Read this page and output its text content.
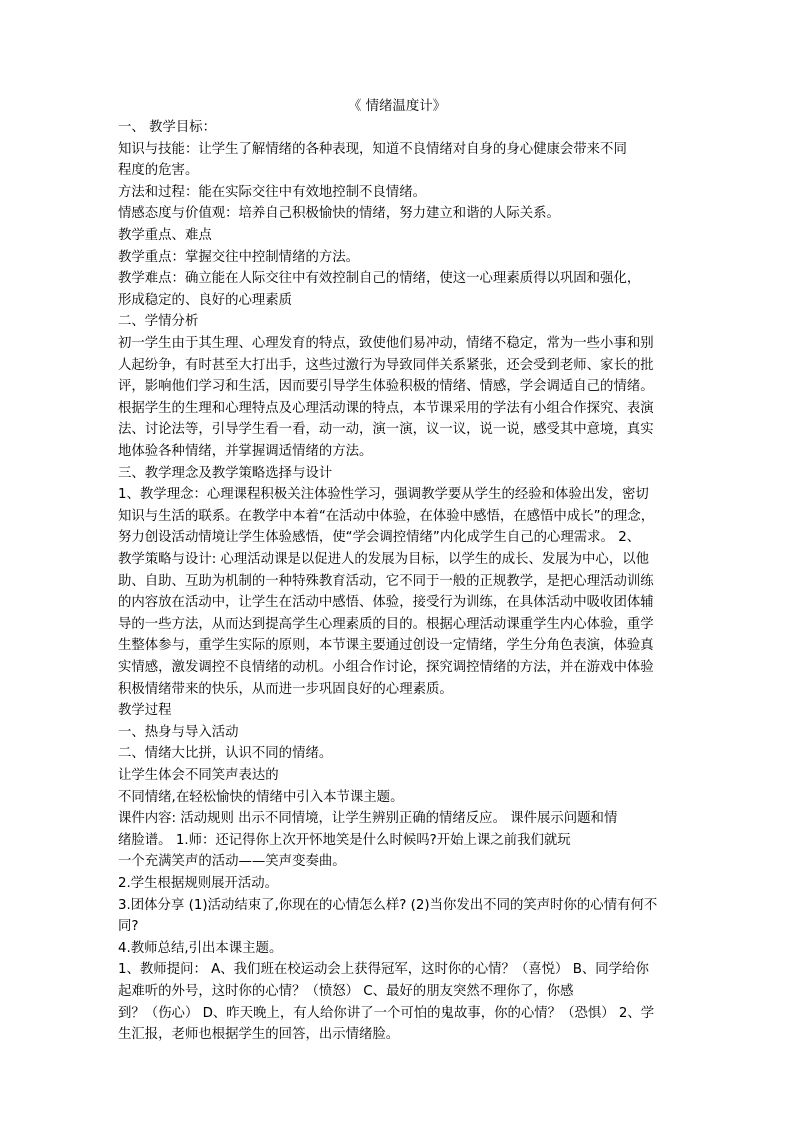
《 情绪温度计》
一、 教学目标：
知识与技能：让学生了解情绪的各种表现，知道不良情绪对自身的身心健康会带来不同
程度的危害。
方法和过程：能在实际交往中有效地控制不良情绪。
情感态度与价值观：培养自己积极愉快的情绪，努力建立和谐的人际关系。
教学重点、难点
教学重点：掌握交往中控制情绪的方法。
教学难点：确立能在人际交往中有效控制自己的情绪，使这一心理素质得以巩固和强化，
形成稳定的、良好的心理素质
二、学情分析
初一学生由于其生理、心理发育的特点，致使他们易冲动，情绪不稳定，常为一些小事和别
人起纷争，有时甚至大打出手，这些过激行为导致同伴关系紧张，还会受到老师、家长的批
评，影响他们学习和生活，因而要引导学生体验积极的情绪、情感，学会调适自己的情绪。
根据学生的生理和心理特点及心理活动课的特点，本节课采用的学法有小组合作探究、表演
法、讨论法等，引导学生看一看，动一动，演一演，议一议，说一说，感受其中意境，真实
地体验各种情绪，并掌握调适情绪的方法。
三、教学理念及教学策略选择与设计
1、教学理念：心理课程积极关注体验性学习，强调教学要从学生的经验和体验出发，密切
知识与生活的联系。在教学中本着“在活动中体验，在体验中感悟，在感悟中成长”的理念，
努力创设活动情境让学生体验感悟，使“学会调控情绪”内化成学生自己的心理需求。 2、
教学策略与设计: 心理活动课是以促进人的发展为目标，以学生的成长、发展为中心，以他
助、自助、互助为机制的一种特殊教育活动，它不同于一般的正规教学，是把心理活动训练
的内容放在活动中，让学生在活动中感悟、体验，接受行为训练，在具体活动中吸收团体辅
导的一些方法，从而达到提高学生心理素质的目的。根据心理活动课重学生内心体验，重学
生整体参与，重学生实际的原则，本节课主要通过创设一定情绪，学生分角色表演，体验真
实情感，激发调控不良情绪的动机。小组合作讨论，探究调控情绪的方法，并在游戏中体验
积极情绪带来的快乐，从而进一步巩固良好的心理素质。
教学过程
一、热身与导入活动
二、情绪大比拼，认识不同的情绪。
让学生体会不同笑声表达的
不同情绪,在轻松愉快的情绪中引入本节课主题。
课件内容: 活动规则 出示不同情境，让学生辨别正确的情绪反应。 课件展示问题和情
绪脸谱。 1.师：还记得你上次开怀地笑是什么时候吗?开始上课之前我们就玩
一个充满笑声的活动——笑声变奏曲。
2.学生根据规则展开活动。
3.团体分享 (1)活动结束了,你现在的心情怎么样? (2)当你发出不同的笑声时你的心情有何不
同?
4.教师总结,引出本课主题。
1、教师提问： A、我们班在校运动会上获得冠军，这时你的心情？（喜悦） B、同学给你
起难听的外号，这时你的心情？（愤怒） C、最好的朋友突然不理你了，你感
到？（伤心） D、昨天晚上，有人给你讲了一个可怕的鬼故事，你的心情？（恐惧） 2、学
生汇报，老师也根据学生的回答，出示情绪脸。
